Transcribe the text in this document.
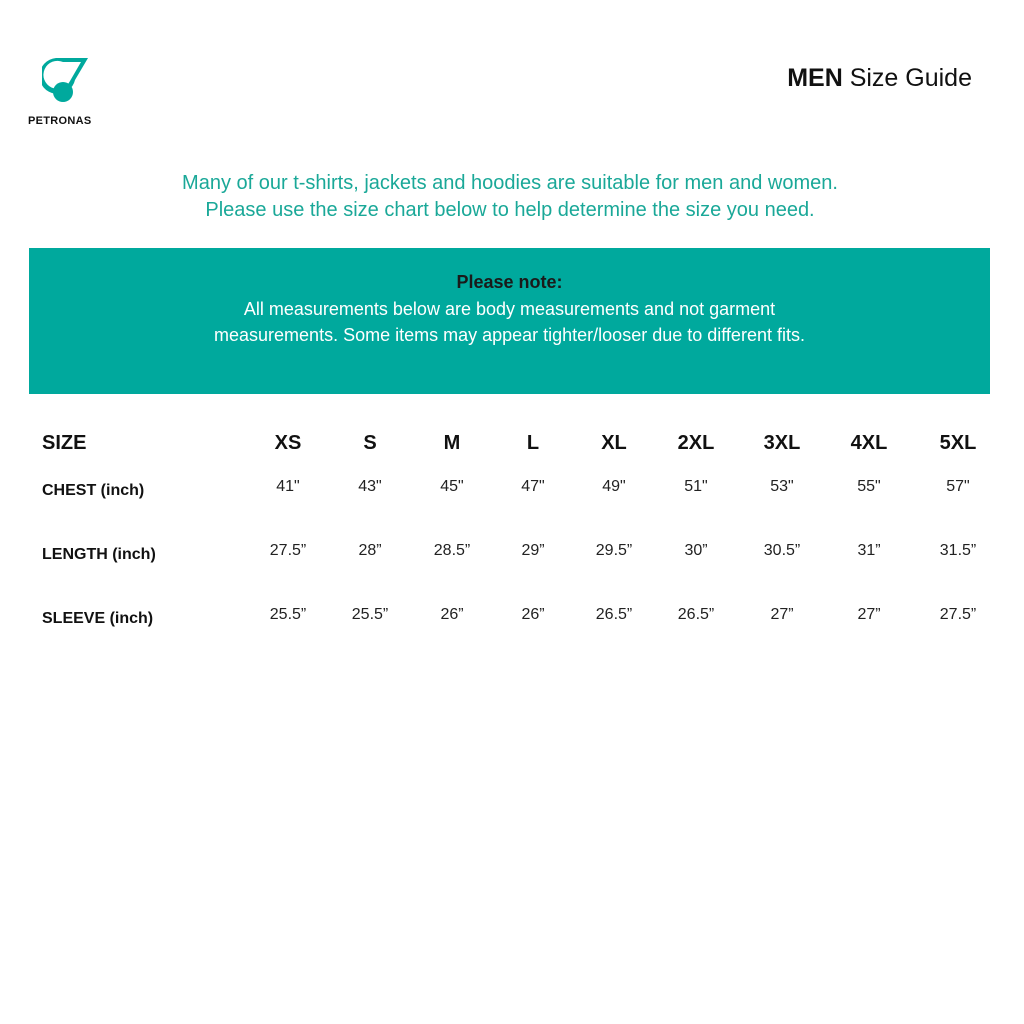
PETRONAS
MEN Size Guide
Many of our t-shirts, jackets and hoodies are suitable for men and women.
Please use the size chart below to help determine the size you need.
Please note:
All measurements below are body measurements and not garment measurements. Some items may appear tighter/looser due to different fits.
SIZE	XS	S	M	L	XL	2XL	3XL	4XL	5XL
CHEST (inch)	41"	43"	45"	47"	49"	51"	53"	55"	57"
LENGTH (inch)	27.5”	28”	28.5”	29”	29.5”	30”	30.5”	31”	31.5”
SLEEVE (inch)	25.5”	25.5”	26”	26”	26.5”	26.5”	27”	27”	27.5”
